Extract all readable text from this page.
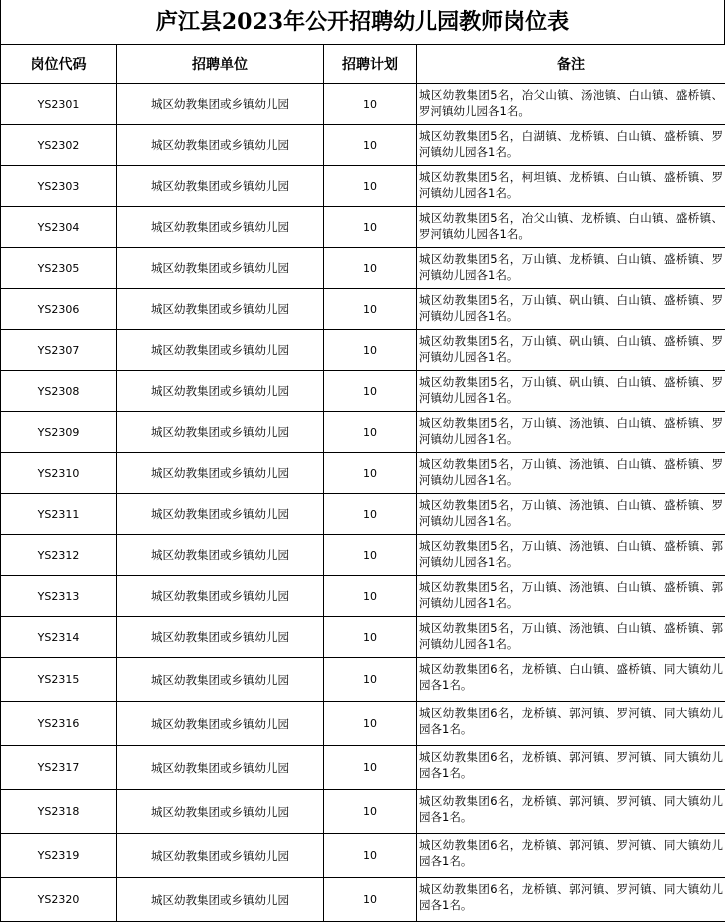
庐江县2023年公开招聘幼儿园教师岗位表
岗位代码	招聘单位	招聘计划	备注
YS2301	城区幼教集团或乡镇幼儿园	10	城区幼教集团5名，冶父山镇、汤池镇、白山镇、盛桥镇、罗河镇幼儿园各1名。
YS2302	城区幼教集团或乡镇幼儿园	10	城区幼教集团5名，白湖镇、龙桥镇、白山镇、盛桥镇、罗河镇幼儿园各1名。
YS2303	城区幼教集团或乡镇幼儿园	10	城区幼教集团5名，柯坦镇、龙桥镇、白山镇、盛桥镇、罗河镇幼儿园各1名。
YS2304	城区幼教集团或乡镇幼儿园	10	城区幼教集团5名，冶父山镇、龙桥镇、白山镇、盛桥镇、罗河镇幼儿园各1名。
YS2305	城区幼教集团或乡镇幼儿园	10	城区幼教集团5名，万山镇、龙桥镇、白山镇、盛桥镇、罗河镇幼儿园各1名。
YS2306	城区幼教集团或乡镇幼儿园	10	城区幼教集团5名，万山镇、矾山镇、白山镇、盛桥镇、罗河镇幼儿园各1名。
YS2307	城区幼教集团或乡镇幼儿园	10	城区幼教集团5名，万山镇、矾山镇、白山镇、盛桥镇、罗河镇幼儿园各1名。
YS2308	城区幼教集团或乡镇幼儿园	10	城区幼教集团5名，万山镇、矾山镇、白山镇、盛桥镇、罗河镇幼儿园各1名。
YS2309	城区幼教集团或乡镇幼儿园	10	城区幼教集团5名，万山镇、汤池镇、白山镇、盛桥镇、罗河镇幼儿园各1名。
YS2310	城区幼教集团或乡镇幼儿园	10	城区幼教集团5名，万山镇、汤池镇、白山镇、盛桥镇、罗河镇幼儿园各1名。
YS2311	城区幼教集团或乡镇幼儿园	10	城区幼教集团5名，万山镇、汤池镇、白山镇、盛桥镇、罗河镇幼儿园各1名。
YS2312	城区幼教集团或乡镇幼儿园	10	城区幼教集团5名，万山镇、汤池镇、白山镇、盛桥镇、郭河镇幼儿园各1名。
YS2313	城区幼教集团或乡镇幼儿园	10	城区幼教集团5名，万山镇、汤池镇、白山镇、盛桥镇、郭河镇幼儿园各1名。
YS2314	城区幼教集团或乡镇幼儿园	10	城区幼教集团5名，万山镇、汤池镇、白山镇、盛桥镇、郭河镇幼儿园各1名。
YS2315	城区幼教集团或乡镇幼儿园	10	城区幼教集团6名，龙桥镇、白山镇、盛桥镇、同大镇幼儿园各1名。
YS2316	城区幼教集团或乡镇幼儿园	10	城区幼教集团6名，龙桥镇、郭河镇、罗河镇、同大镇幼儿园各1名。
YS2317	城区幼教集团或乡镇幼儿园	10	城区幼教集团6名，龙桥镇、郭河镇、罗河镇、同大镇幼儿园各1名。
YS2318	城区幼教集团或乡镇幼儿园	10	城区幼教集团6名，龙桥镇、郭河镇、罗河镇、同大镇幼儿园各1名。
YS2319	城区幼教集团或乡镇幼儿园	10	城区幼教集团6名，龙桥镇、郭河镇、罗河镇、同大镇幼儿园各1名。
YS2320	城区幼教集团或乡镇幼儿园	10	城区幼教集团6名，龙桥镇、郭河镇、罗河镇、同大镇幼儿园各1名。
